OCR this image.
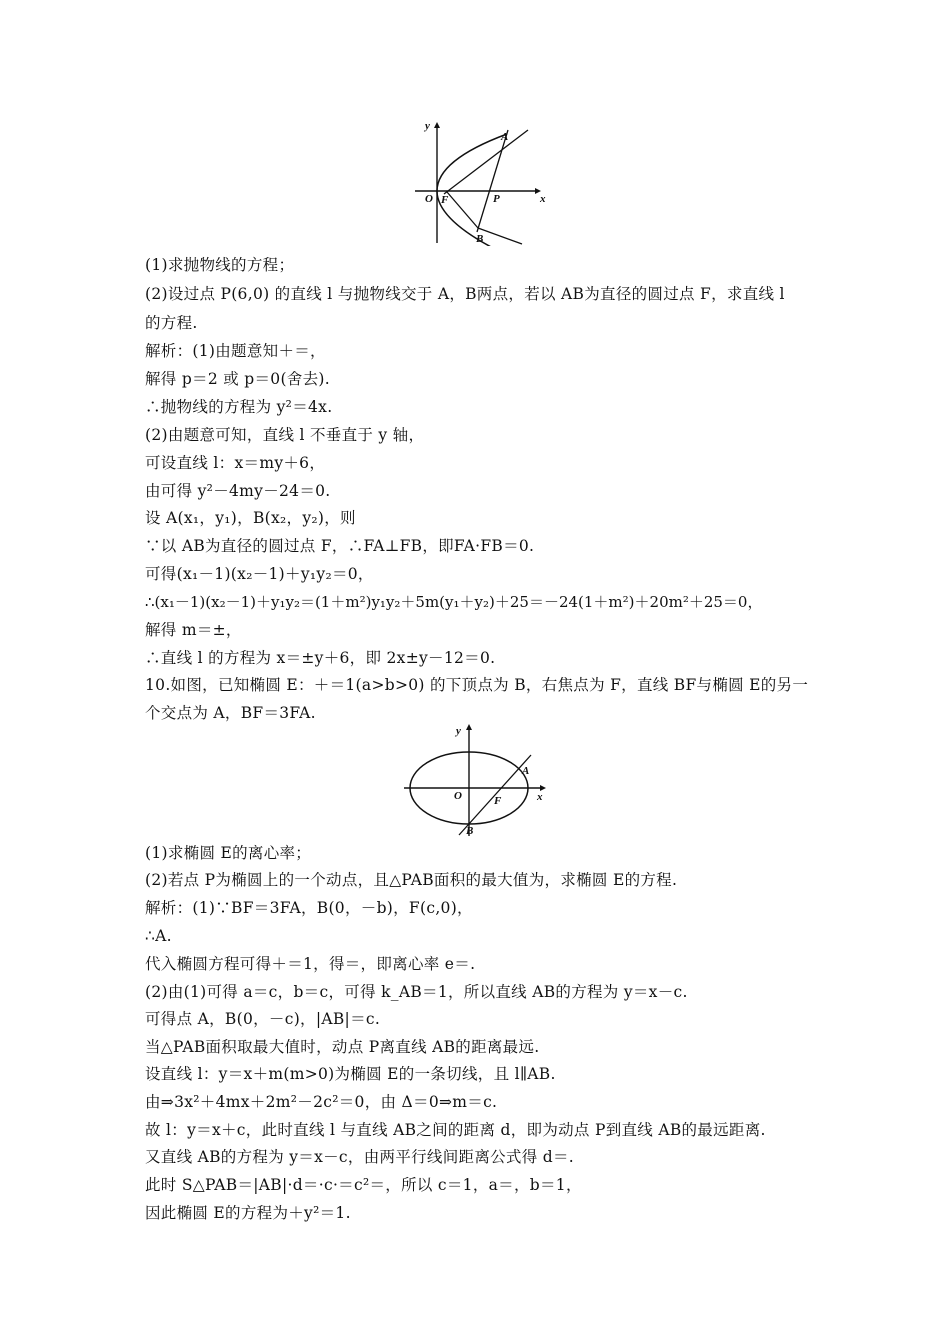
y
x
O F	P
A
B
y
x
O	F
A
B
(1)求抛物线的方程；
(2)设过点 P(6,0) 的直线 l 与抛物线交于 A，B两点，若以 AB为直径的圆过点 F，求直线 l
的方程.
解析：(1)由题意知＋＝，
解得 p＝2 或 p＝0(舍去).
∴抛物线的方程为 y²＝4x.
(2)由题意可知，直线 l 不垂直于 y 轴，
可设直线 l：x＝my＋6，
由可得 y²－4my－24＝0.
设 A(x₁，y₁)，B(x₂，y₂)，则
∵以 AB为直径的圆过点 F，∴FA⊥FB，即FA·FB＝0.
可得(x₁－1)(x₂－1)＋y₁y₂＝0，
∴(x₁－1)(x₂－1)＋y₁y₂＝(1＋m²)y₁y₂＋5m(y₁＋y₂)＋25＝－24(1＋m²)＋20m²＋25＝0，
解得 m＝±，
∴直线 l 的方程为 x＝±y＋6，即 2x±y－12＝0.
10.如图，已知椭圆 E：＋＝1(a>b>0) 的下顶点为 B，右焦点为 F，直线 BF与椭圆 E的另一
个交点为 A，BF＝3FA.
(1)求椭圆 E的离心率；
(2)若点 P为椭圆上的一个动点，且△PAB面积的最大值为，求椭圆 E的方程.
解析：(1)∵BF＝3FA，B(0，－b)，F(c,0)，
∴A.
代入椭圆方程可得＋＝1，得＝，即离心率 e＝.
(2)由(1)可得 a＝c，b＝c，可得 k_AB＝1，所以直线 AB的方程为 y＝x－c.
可得点 A，B(0，－c)，|AB|＝c.
当△PAB面积取最大值时，动点 P离直线 AB的距离最远.
设直线 l：y＝x＋m(m>0)为椭圆 E的一条切线，且 l∥AB.
由⇒3x²＋4mx＋2m²－2c²＝0，由 Δ＝0⇒m＝c.
故 l：y＝x＋c，此时直线 l 与直线 AB之间的距离 d，即为动点 P到直线 AB的最远距离.
又直线 AB的方程为 y＝x－c，由两平行线间距离公式得 d＝.
此时 S△PAB＝|AB|·d＝·c·＝c²＝，所以 c＝1，a＝，b＝1，
因此椭圆 E的方程为＋y²＝1.
